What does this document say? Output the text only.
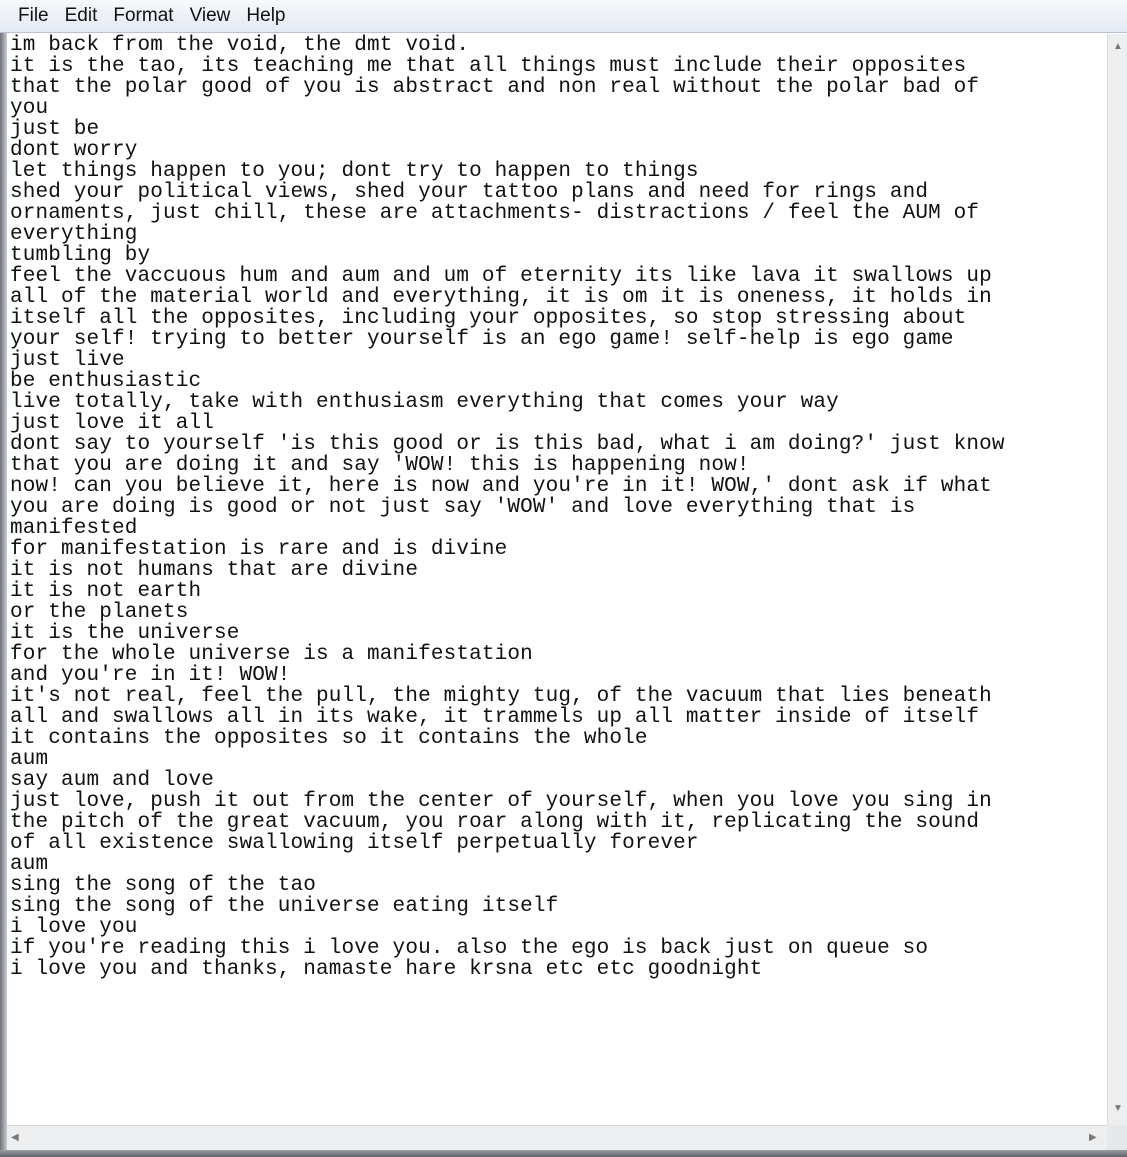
File Edit Format View Help
im back from the void, the dmt void.
it is the tao, its teaching me that all things must include their opposites
that the polar good of you is abstract and non real without the polar bad of
you
just be
dont worry
let things happen to you; dont try to happen to things
shed your political views, shed your tattoo plans and need for rings and
ornaments, just chill, these are attachments- distractions / feel the AUM of
everything
tumbling by
feel the vaccuous hum and aum and um of eternity its like lava it swallows up
all of the material world and everything, it is om it is oneness, it holds in
itself all the opposites, including your opposites, so stop stressing about
your self! trying to better yourself is an ego game! self-help is ego game
just live
be enthusiastic
live totally, take with enthusiasm everything that comes your way
just love it all
dont say to yourself 'is this good or is this bad, what i am doing?' just know
that you are doing it and say 'WOW! this is happening now!
now! can you believe it, here is now and you're in it! WOW,' dont ask if what
you are doing is good or not just say 'WOW' and love everything that is
manifested
for manifestation is rare and is divine
it is not humans that are divine
it is not earth
or the planets
it is the universe
for the whole universe is a manifestation
and you're in it! WOW!
it's not real, feel the pull, the mighty tug, of the vacuum that lies beneath
all and swallows all in its wake, it trammels up all matter inside of itself
it contains the opposites so it contains the whole
aum
say aum and love
just love, push it out from the center of yourself, when you love you sing in
the pitch of the great vacuum, you roar along with it, replicating the sound
of all existence swallowing itself perpetually forever
aum
sing the song of the tao
sing the song of the universe eating itself
i love you
if you're reading this i love you. also the ego is back just on queue so
i love you and thanks, namaste hare krsna etc etc goodnight
▲
▼
◀	▶
